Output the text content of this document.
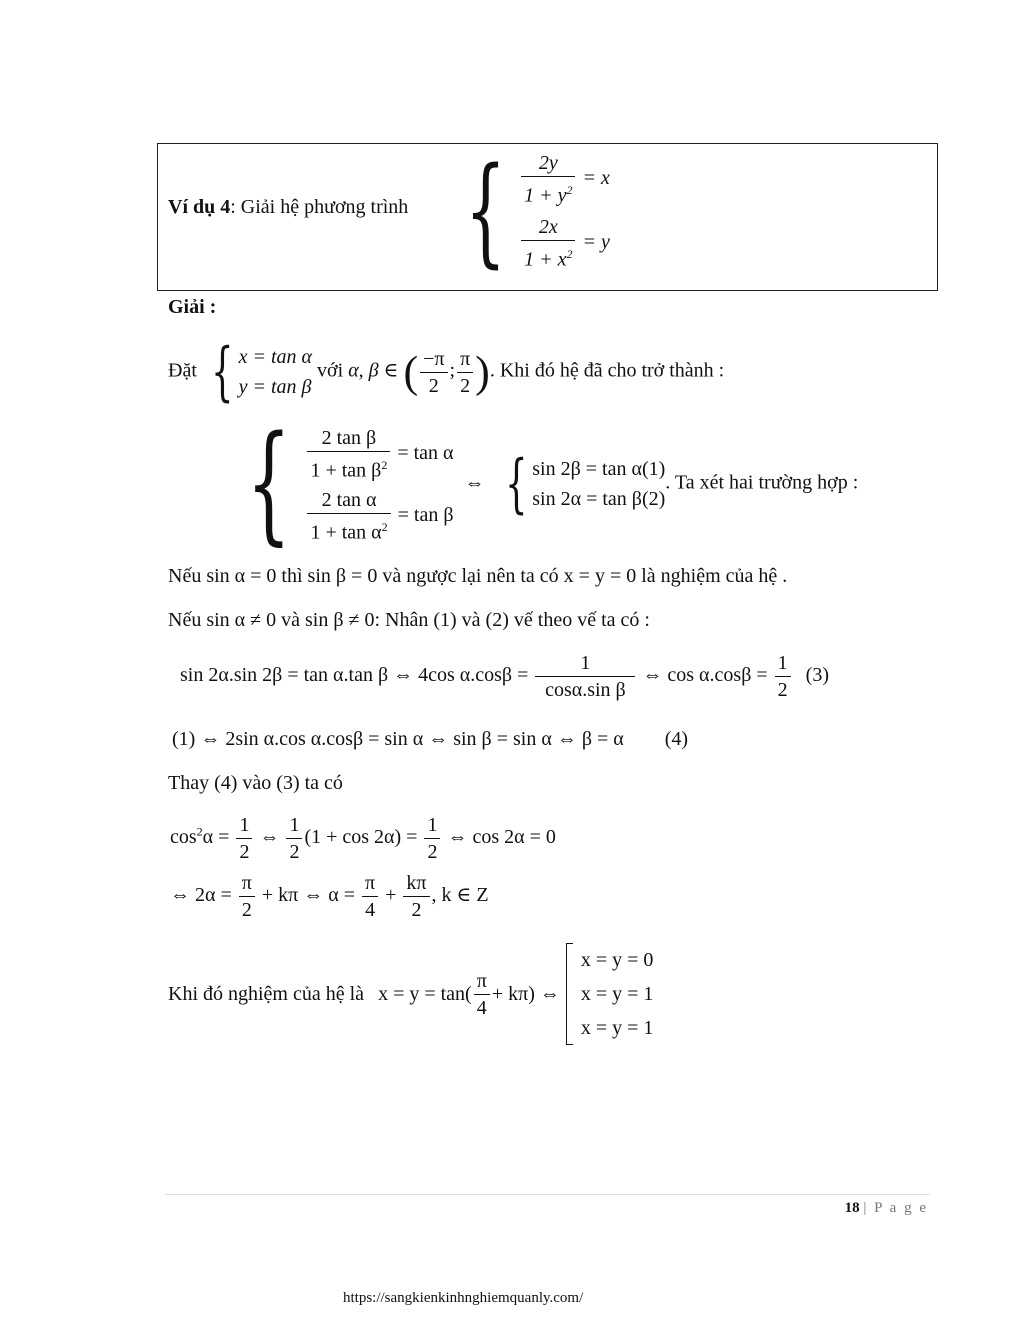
Ví dụ 4: Giải hệ phương trình { $\frac{2y}{1 + y^2} = x$
$\frac{2x}{1 + x^2} = y$
Giải :
Đặt { x = tan α
y = tan β
với α, β ∈ ( $\frac{-\pi}{2}$ ; $\frac{\pi}{2}$ ). Khi đó hệ đã cho trở thành :
{ $\frac{\text{2 tan β}}{1 + \tan \beta^2} = \tan \alpha$
$\frac{\text{2 tan α}}{1 + \tan \alpha^2} = \tan \beta$
⇔ { sin 2β = tan α(1)
sin 2α = tan β(2)
. Ta xét hai trường hợp :
Nếu sin α = 0 thì sin β = 0 và ngược lại nên ta có x = y = 0 là nghiệm của hệ .
Nếu sin α ≠ 0 và sin β ≠ 0: Nhân (1) và (2) vế theo vế ta có :
sin 2α.sin 2β = tan α.tan β ⇔ 4cos $\alpha.\cos\beta = \frac{1}{\text{cosα.sin β}}$ ⇔ $\cos \alpha.\cos\beta = \frac{1}{2} (3)$
(1) ⇔ 2sin α.cos α.cosβ = sin α ⇔ sin β = sin α ⇔ β = α (4)
Thay (4) vào (3) ta có
$\cos^2\alpha = \frac{1}{2}$ ⇔ $\frac{1}{2} (1 + \cos 2\alpha) = \frac{1}{2}$ ⇔ cos 2α = 0
⇔ $2\alpha = \frac{\pi}{2} + k\pi$ ⇔ $\alpha = \frac{\pi}{4} + \frac{k\pi}{2}$ , k ∈ Z
Khi đó nghiệm của hệ là $x = y = \tan( \frac{\pi}{4} + k\pi)$ ⇔
x = y = 0
x = y = 1
x = y = 1
18 | P a g e
https://sangkienkinhnghiemquanly.com/
